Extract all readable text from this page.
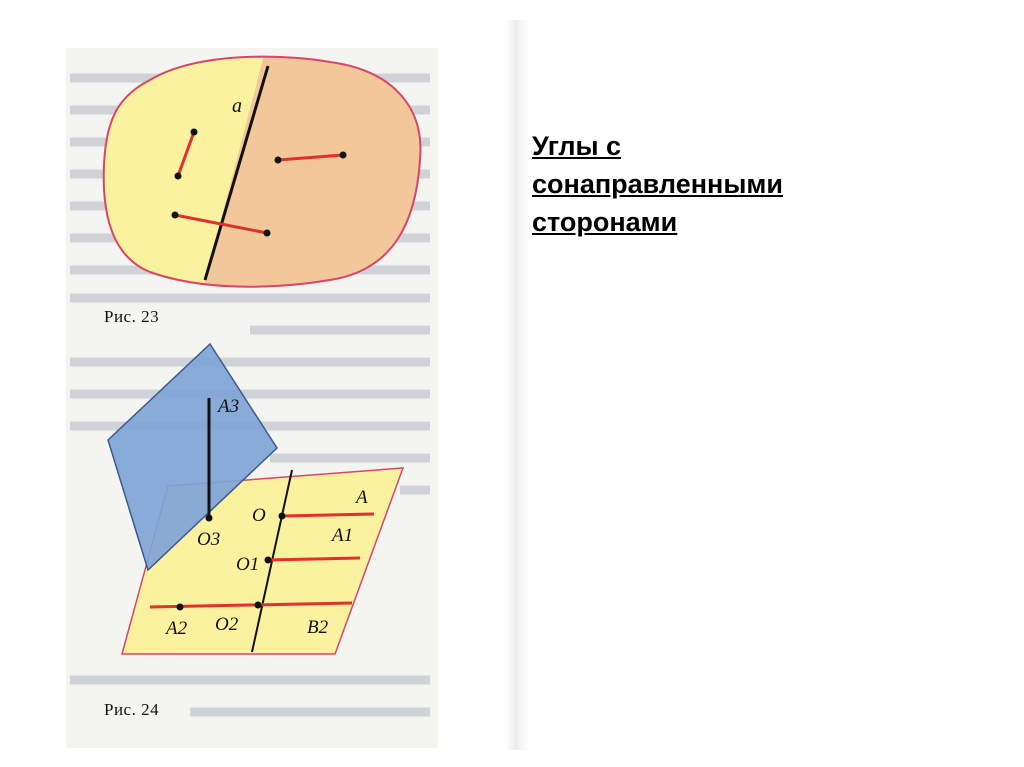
a
Рис. 23
A3
O
A
A1
O3
O1
A2 O2	B2
Рис. 24
Углы с
сонаправленными
сторонами
